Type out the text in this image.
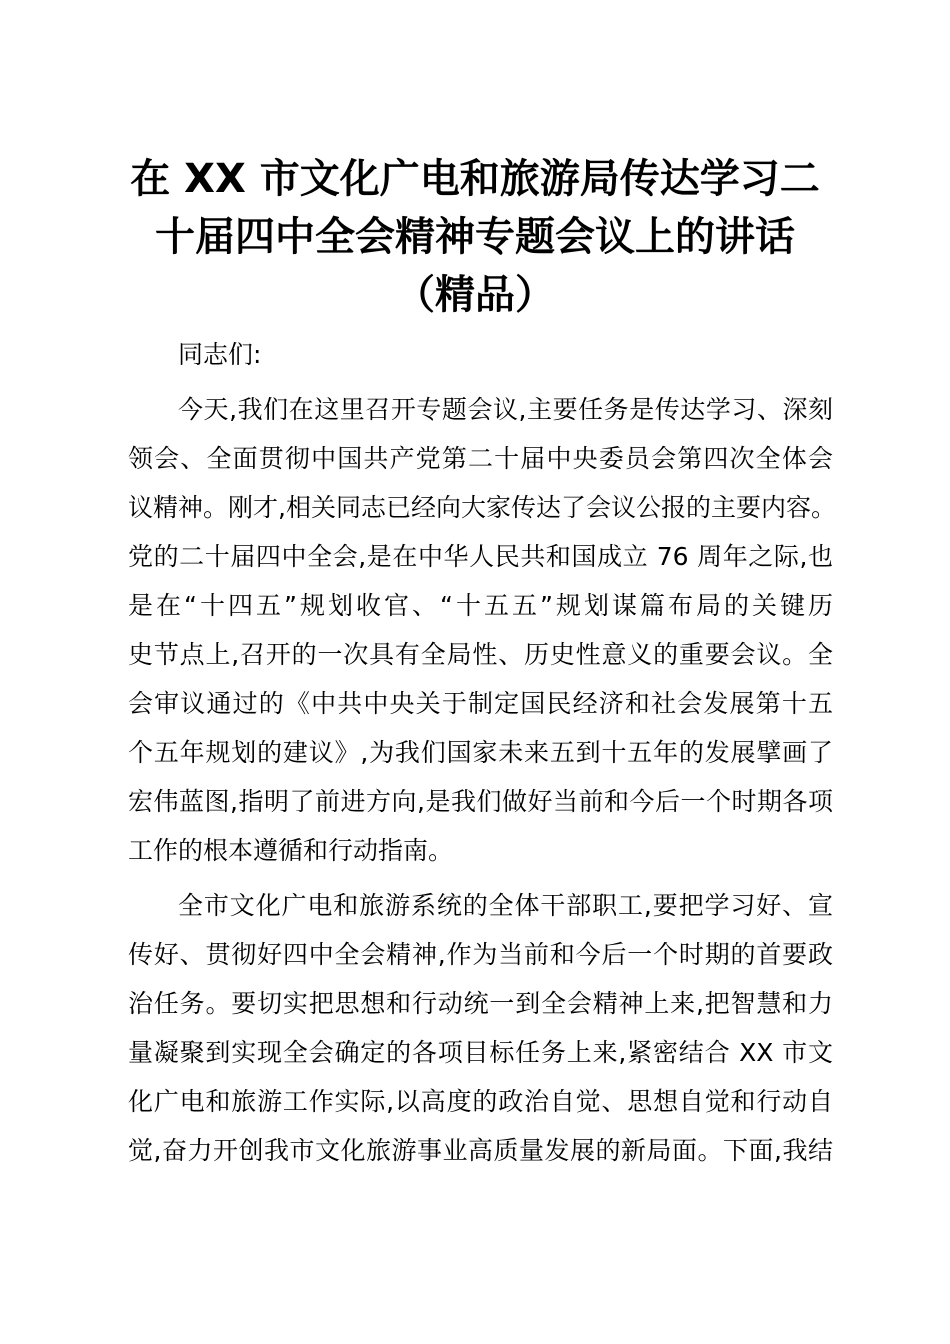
在 XX 市文化广电和旅游局传达学习二
十届四中全会精神专题会议上的讲话
（精品）
同志们:
今天,我们在这里召开专题会议,主要任务是传达学习、深刻
领会、全面贯彻中国共产党第二十届中央委员会第四次全体会
议精神。刚才,相关同志已经向大家传达了会议公报的主要内容。
党的二十届四中全会,是在中华人民共和国成立 76 周年之际,也
是在“十四五”规划收官、“十五五”规划谋篇布局的关键历
史节点上,召开的一次具有全局性、历史性意义的重要会议。全
会审议通过的《中共中央关于制定国民经济和社会发展第十五
个五年规划的建议》,为我们国家未来五到十五年的发展擘画了
宏伟蓝图,指明了前进方向,是我们做好当前和今后一个时期各项
工作的根本遵循和行动指南。
全市文化广电和旅游系统的全体干部职工,要把学习好、宣
传好、贯彻好四中全会精神,作为当前和今后一个时期的首要政
治任务。要切实把思想和行动统一到全会精神上来,把智慧和力
量凝聚到实现全会确定的各项目标任务上来,紧密结合 XX 市文
化广电和旅游工作实际,以高度的政治自觉、思想自觉和行动自
觉,奋力开创我市文化旅游事业高质量发展的新局面。下面,我结
